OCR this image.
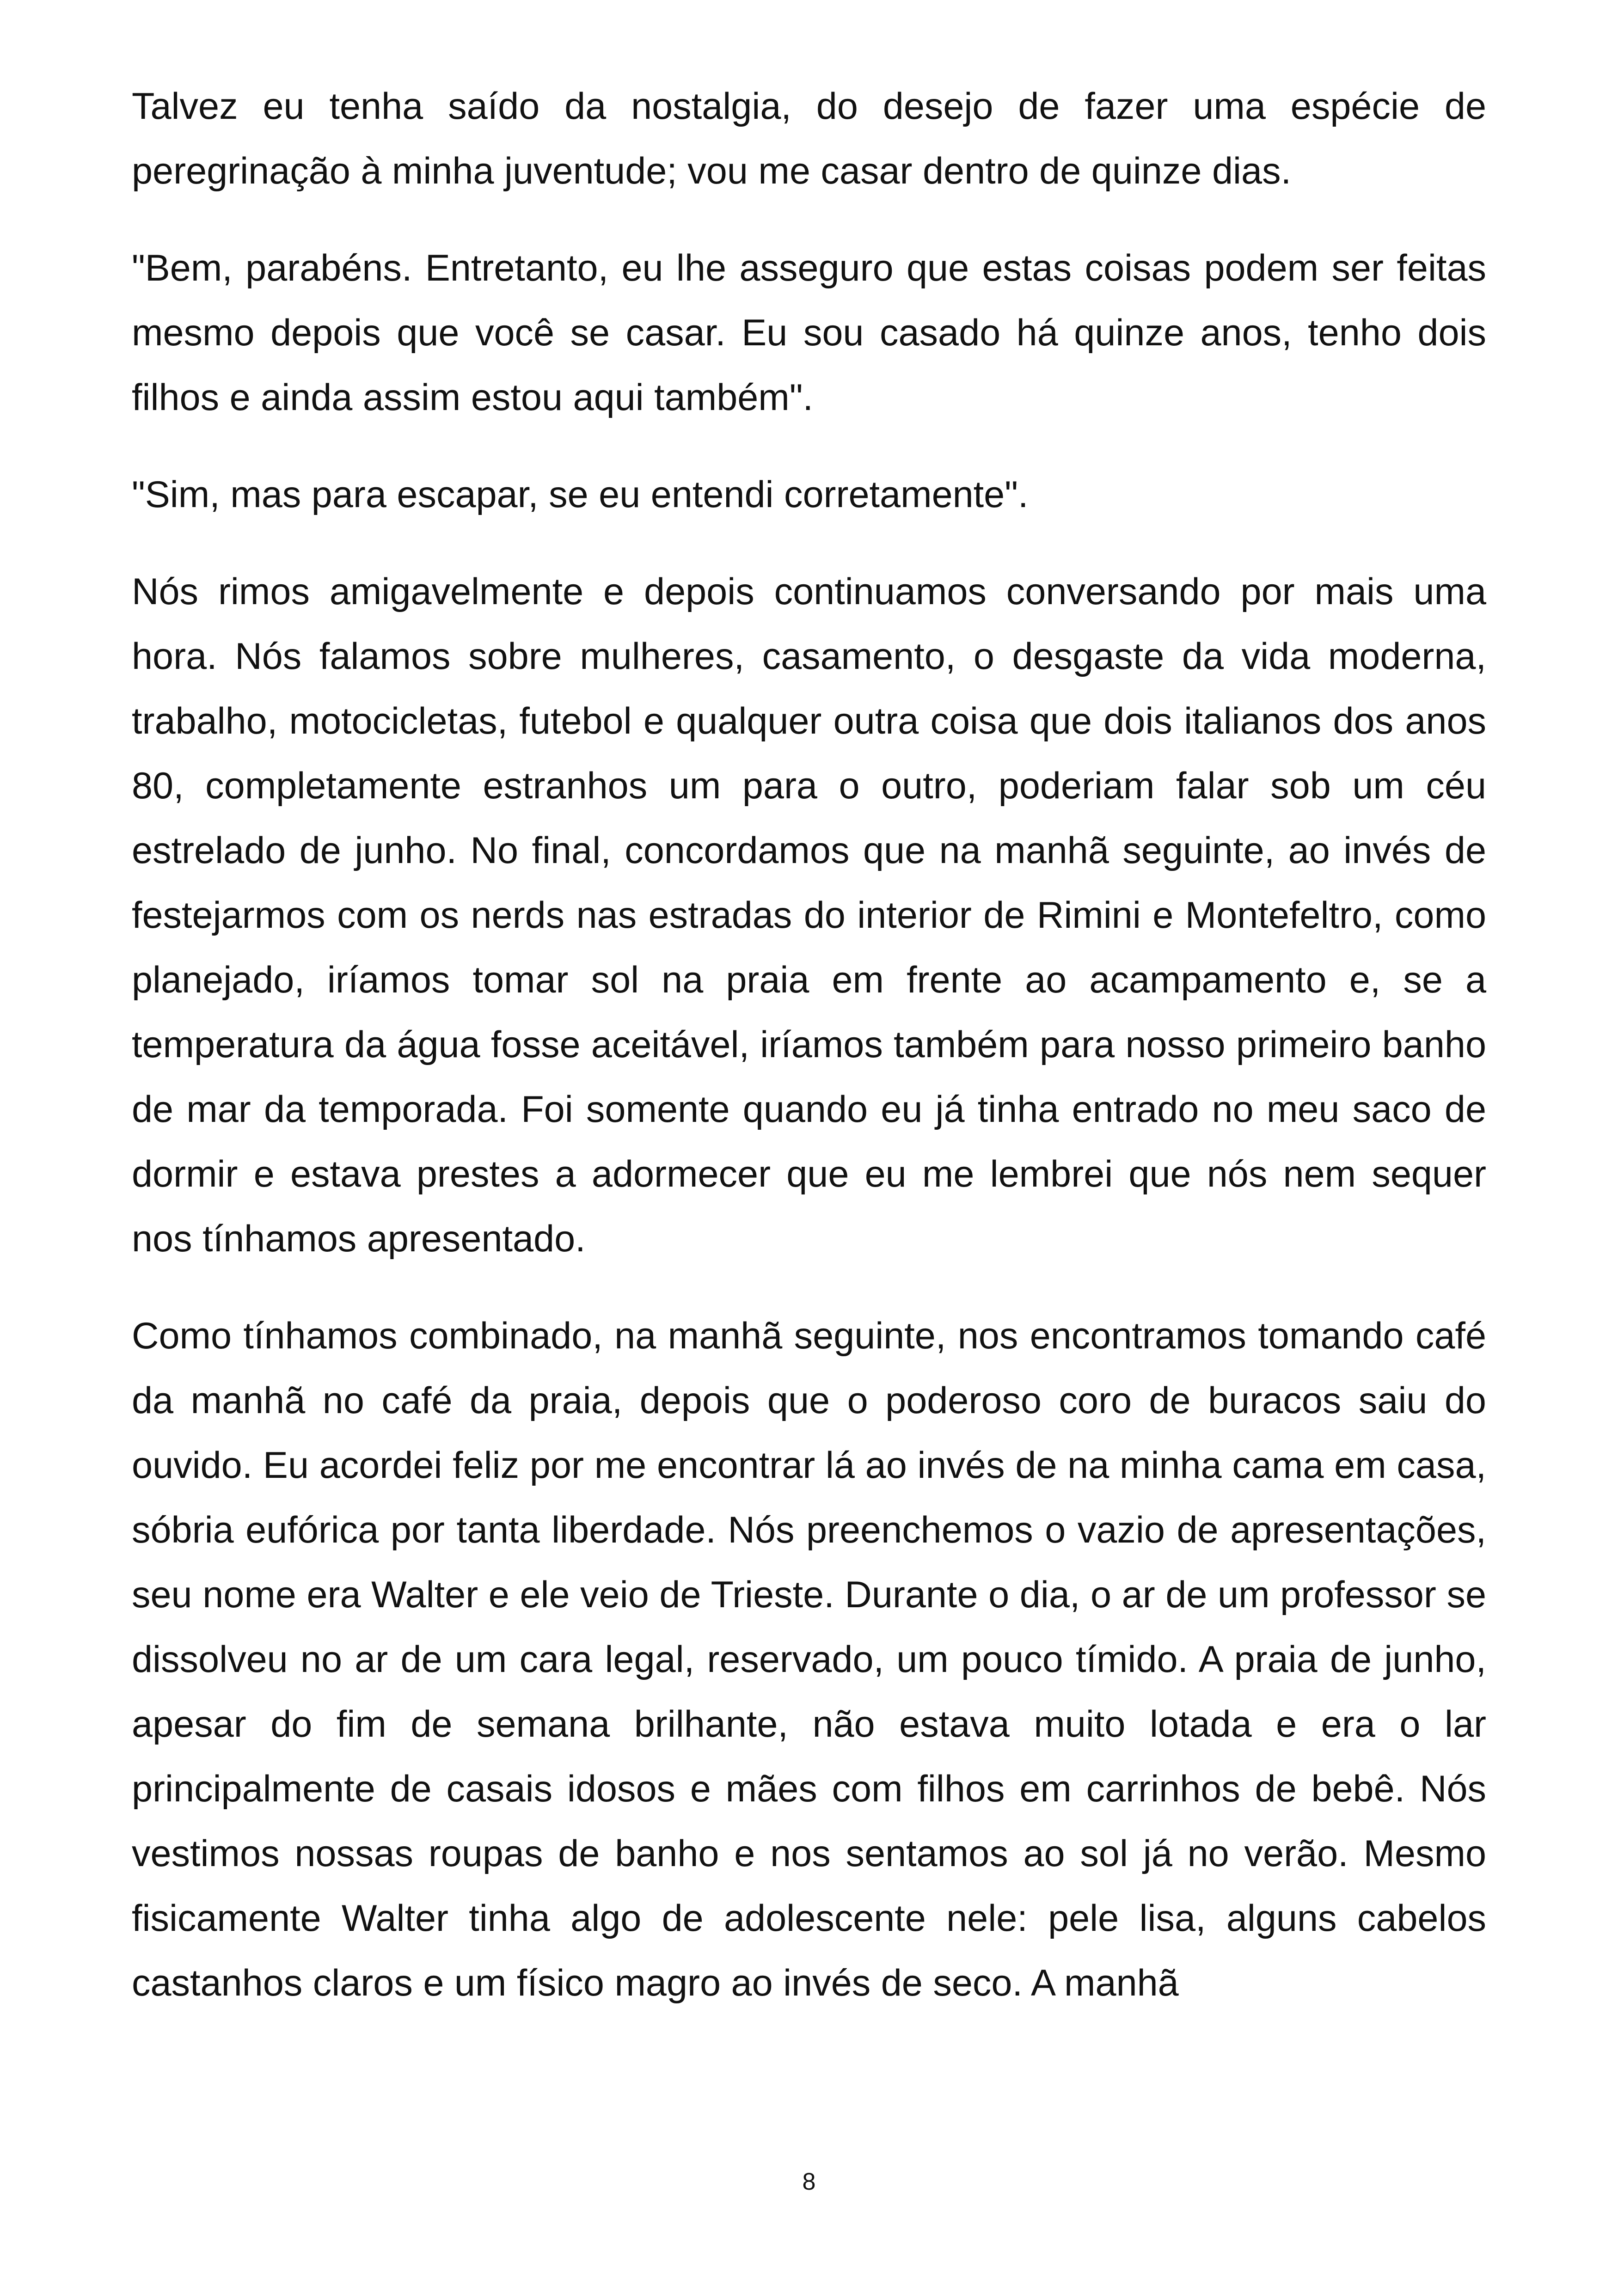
Talvez eu tenha saído da nostalgia, do desejo de fazer uma espécie de peregrinação à minha juventude; vou me casar dentro de quinze dias.

"Bem, parabéns. Entretanto, eu lhe asseguro que estas coisas podem ser feitas mesmo depois que você se casar. Eu sou casado há quinze anos, tenho dois filhos e ainda assim estou aqui também".

"Sim, mas para escapar, se eu entendi corretamente".

Nós rimos amigavelmente e depois continuamos conversando por mais uma hora. Nós falamos sobre mulheres, casamento, o desgaste da vida moderna, trabalho, motocicletas, futebol e qualquer outra coisa que dois italianos dos anos 80, completamente estranhos um para o outro, poderiam falar sob um céu estrelado de junho. No final, concordamos que na manhã seguinte, ao invés de festejarmos com os nerds nas estradas do interior de Rimini e Montefeltro, como planejado, iríamos tomar sol na praia em frente ao acampamento e, se a temperatura da água fosse aceitável, iríamos também para nosso primeiro banho de mar da temporada. Foi somente quando eu já tinha entrado no meu saco de dormir e estava prestes a adormecer que eu me lembrei que nós nem sequer nos tínhamos apresentado.

Como tínhamos combinado, na manhã seguinte, nos encontramos tomando café da manhã no café da praia, depois que o poderoso coro de buracos saiu do ouvido. Eu acordei feliz por me encontrar lá ao invés de na minha cama em casa, sóbria eufórica por tanta liberdade. Nós preenchemos o vazio de apresentações, seu nome era Walter e ele veio de Trieste. Durante o dia, o ar de um professor se dissolveu no ar de um cara legal, reservado, um pouco tímido. A praia de junho, apesar do fim de semana brilhante, não estava muito lotada e era o lar principalmente de casais idosos e mães com filhos em carrinhos de bebê. Nós vestimos nossas roupas de banho e nos sentamos ao sol já no verão. Mesmo fisicamente Walter tinha algo de adolescente nele: pele lisa, alguns cabelos castanhos claros e um físico magro ao invés de seco. A manhã

8
